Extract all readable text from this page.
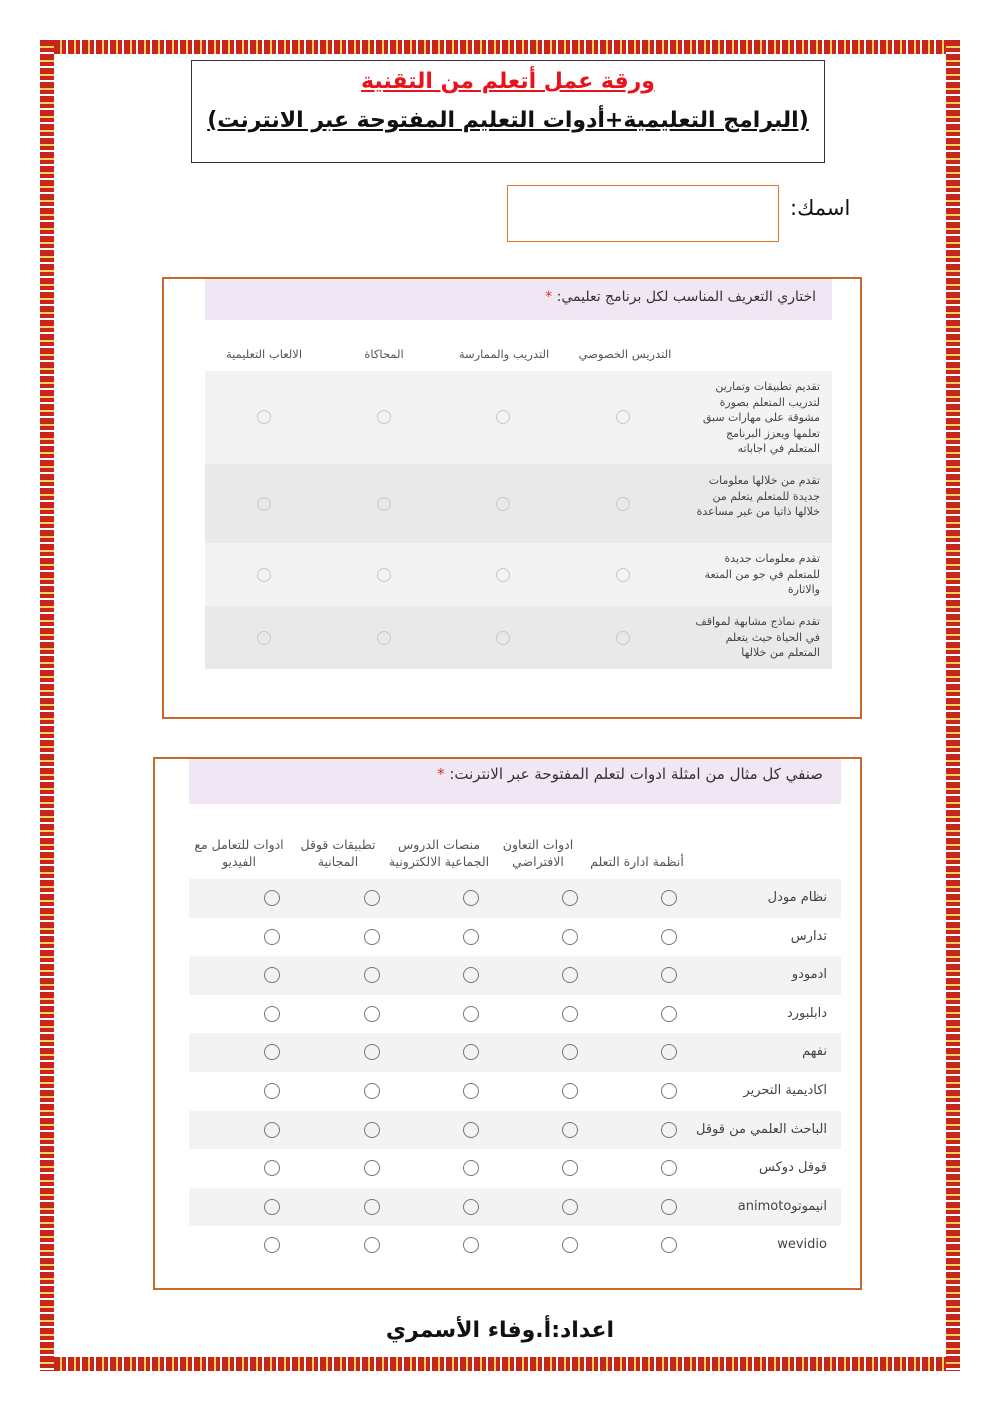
ورقة عمل أتعلم من التقنية
(البرامج التعليمية+أدوات التعليم المفتوحة عبر الانترنت)
اسمك:
اختاري التعريف المناسب لكل برنامج تعليمي: *
التدريس الخصوصي
التدريب والممارسة
المحاكاة
الالعاب التعليمية
تقديم تطبيقات وتمارين لتدريب المتعلم بصورة مشوقة على مهارات سبق تعلمها ويعزز البرنامج المتعلم في اجاباته
تقدم من خلالها معلومات جديدة للمتعلم يتعلم من خلالها ذاتيا من غير مساعدة
تقدم معلومات جديدة للمتعلم في جو من المتعة والاثارة
تقدم نماذج مشابهة لمواقف في الحياة حيث يتعلم المتعلم من خلالها
صنفي كل مثال من امثلة ادوات لتعلم المفتوحة عبر الانترنت: *
أنظمة ادارة التعلم
ادوات التعاون الافتراضي
منصات الدروس الجماعية الالكترونية
تطبيقات قوقل المجانية
ادوات للتعامل مع الفيديو
نظام مودل
تدارس
ادمودو
دابلبورد
نفهم
اكاديمية التحرير
الباحث العلمي من قوقل
قوقل دوكس
انيموتوanimoto
wevidio
اعداد:أ.وفاء الأسمري
